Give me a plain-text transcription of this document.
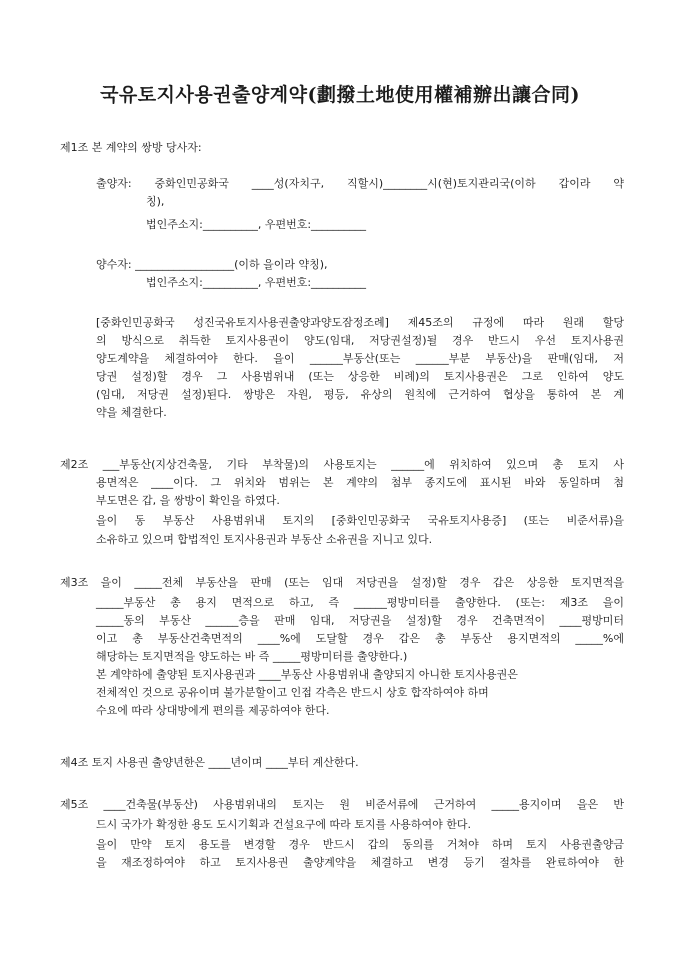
국유토지사용권출양계약(劃撥土地使用權補辦出讓合同)
제1조 본 계약의 쌍방 당사자:
출양자: 중화인민공화국 ____성(자치구, 직할시)________시(현)토지관리국(이하 갑이라 약
칭),
법인주소지:__________, 우편번호:__________
양수자: __________________(이하 을이라 약칭),
법인주소지:__________, 우편번호:__________
[중화인민공화국 성진국유토지사용권출양과양도잠정조례] 제45조의 규정에 따라 원래 할당
의 방식으로 취득한 토지사용권이 양도(임대, 저당권설정)될 경우 반드시 우선 토지사용권
양도계약을 체결하여야 한다. 을이 ______부동산(또는 ______부분 부동산)을 판매(임대, 저
당권 설정)할 경우 그 사용범위내 (또는 상응한 비례)의 토지사용권은 그로 인하여 양도
(임대, 저당권 설정)된다. 쌍방은 자원, 평등, 유상의 원칙에 근거하여 협상을 통하여 본 계
약을 체결한다.
제2조 ___부동산(지상건축물, 기타 부착물)의 사용토지는 ______에 위치하여 있으며 총 토지 사
용면적은 ____이다. 그 위치와 범위는 본 계약의 첨부 종지도에 표시된 바와 동일하며 첨
부도면은 갑, 을 쌍방이 확인을 하였다.
을이 동 부동산 사용범위내 토지의 [중화인민공화국 국유토지사용증] (또는 비준서류)을
소유하고 있으며 합법적인 토지사용권과 부동산 소유권을 지니고 있다.
제3조 을이 _____전체 부동산을 판매 (또는 임대 저당권을 설정)할 경우 갑은 상응한 토지면적을
_____부동산 총 용지 면적으로 하고, 즉 ______평방미터를 출양한다. (또는: 제3조 을이
_____동의 부동산 ______층을 판매 임대, 저당권을 설정)할 경우 건축면적이 ____평방미터
이고 총 부동산건축면적의 ____%에 도달할 경우 갑은 총 부동산 용지면적의 _____%에
해당하는 토지면적을 양도하는 바 즉 _____평방미터를 출양한다.)
본 계약하에 출양된 토지사용권과 ____부동산 사용범위내 출양되지 아니한 토지사용권은
전체적인 것으로 공유이며 불가분할이고 인접 각측은 반드시 상호 합작하여야 하며
수요에 따라 상대방에게 편의를 제공하여야 한다.
제4조 토지 사용권 출양년한은 ____년이며 ____부터 계산한다.
제5조 ____건축물(부동산) 사용범위내의 토지는 원 비준서류에 근거하여 _____용지이며 을은 반
드시 국가가 확정한 용도 도시기획과 건설요구에 따라 토지를 사용하여야 한다.
을이 만약 토지 용도를 변경할 경우 반드시 갑의 동의를 거쳐야 하며 토지 사용권출양금
을 재조정하여야 하고 토지사용권 출양계약을 체결하고 변경 등기 절차를 완료하여야 한
